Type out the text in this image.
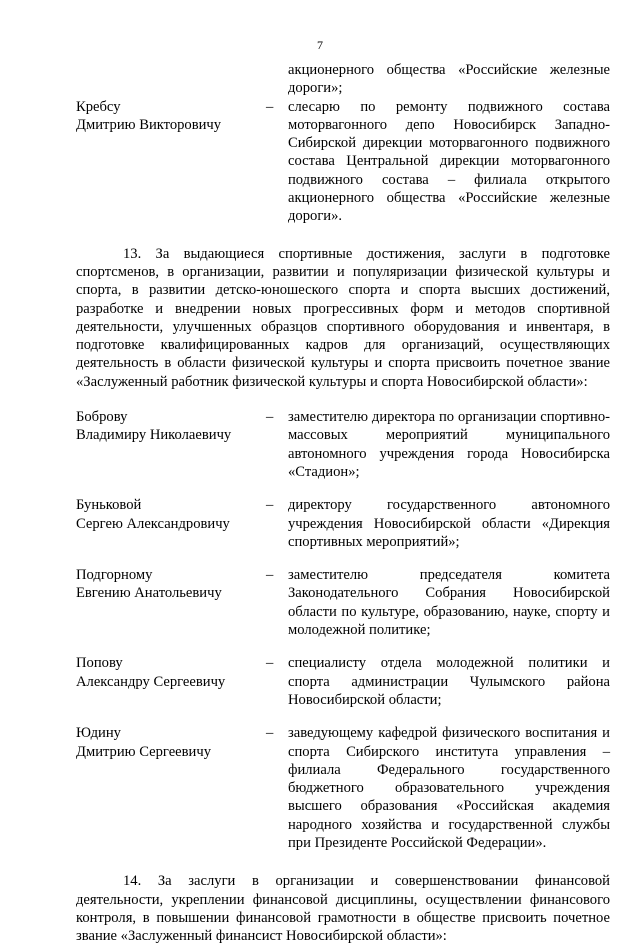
7
акционерного общества «Российские железные дороги»;
Кребсу
Дмитрию Викторовичу
–	слесарю по ремонту подвижного состава моторвагонного депо Новосибирск Западно-Сибирской дирекции моторвагонного подвижного состава Центральной дирекции моторвагонного подвижного состава – филиала открытого акционерного общества «Российские железные дороги».

13. За выдающиеся спортивные достижения, заслуги в подготовке спортсменов, в организации, развитии и популяризации физической культуры и спорта, в развитии детско-юношеского спорта и спорта высших достижений, разработке и внедрении новых прогрессивных форм и методов спортивной деятельности, улучшенных образцов спортивного оборудования и инвентаря, в подготовке квалифицированных кадров для организаций, осуществляющих деятельность в области физической культуры и спорта присвоить почетное звание «Заслуженный работник физической культуры и спорта Новосибирской области»:

Боброву
Владимиру Николаевичу
–	заместителю директора по организации спортивно-массовых мероприятий муниципального автономного учреждения города Новосибирска «Стадион»;
Буньковой
Сергею Александровичу
–	директору государственного автономного учреждения Новосибирской области «Дирекция спортивных мероприятий»;
Подгорному
Евгению Анатольевичу
–	заместителю председателя комитета Законодательного Собрания Новосибирской области по культуре, образованию, науке, спорту и молодежной политике;
Попову
Александру Сергеевичу
–	специалисту отдела молодежной политики и спорта администрации Чулымского района Новосибирской области;
Юдину
Дмитрию Сергеевичу
–	заведующему кафедрой физического воспитания и спорта Сибирского института управления – филиала Федерального государственного бюджетного образовательного учреждения высшего образования «Российская академия народного хозяйства и государственной службы при Президенте Российской Федерации».

14. За заслуги в организации и совершенствовании финансовой деятельности, укреплении финансовой дисциплины, осуществлении финансового контроля, в повышении финансовой грамотности в обществе присвоить почетное звание «Заслуженный финансист Новосибирской области»:
